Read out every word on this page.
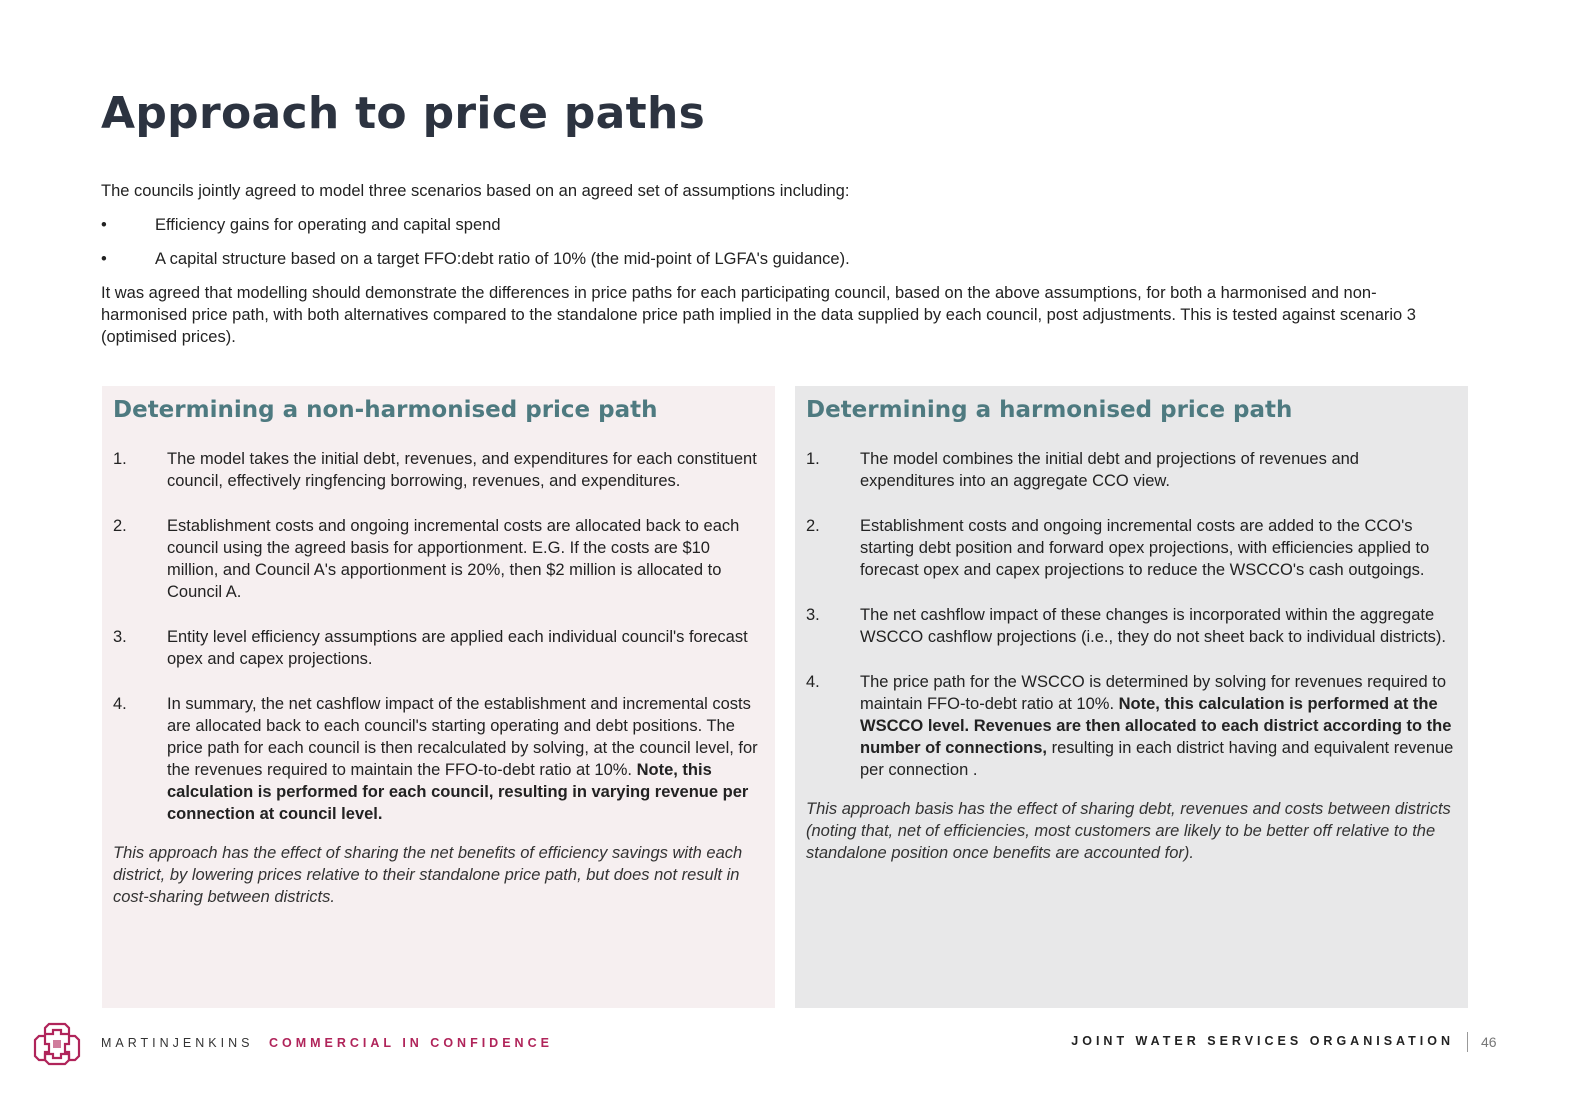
Approach to price paths

The councils jointly agreed to model three scenarios based on an agreed set of assumptions including:

•	Efficiency gains for operating and capital spend
•	A capital structure based on a target FFO:debt ratio of 10% (the mid-point of LGFA's guidance).

It was agreed that modelling should demonstrate the differences in price paths for each participating council, based on the above assumptions, for both a harmonised and non-harmonised price path, with both alternatives compared to the standalone price path implied in the data supplied by each council, post adjustments. This is tested against scenario 3 (optimised prices).

Determining a non-harmonised price path
1. The model takes the initial debt, revenues, and expenditures for each constituent council, effectively ringfencing borrowing, revenues, and expenditures.
2. Establishment costs and ongoing incremental costs are allocated back to each council using the agreed basis for apportionment. E.G. If the costs are $10 million, and Council A's apportionment is 20%, then $2 million is allocated to Council A.
3. Entity level efficiency assumptions are applied each individual council's forecast opex and capex projections.
4. In summary, the net cashflow impact of the establishment and incremental costs are allocated back to each council's starting operating and debt positions. The price path for each council is then recalculated by solving, at the council level, for the revenues required to maintain the FFO-to-debt ratio at 10%. Note, this calculation is performed for each council, resulting in varying revenue per connection at council level.

This approach has the effect of sharing the net benefits of efficiency savings with each district, by lowering prices relative to their standalone price path, but does not result in cost-sharing between districts.

Determining a harmonised price path
1. The model combines the initial debt and projections of revenues and expenditures into an aggregate CCO view.
2. Establishment costs and ongoing incremental costs are added to the CCO's starting debt position and forward opex projections, with efficiencies applied to forecast opex and capex projections to reduce the WSCCO's cash outgoings.
3. The net cashflow impact of these changes is incorporated within the aggregate WSCCO cashflow projections (i.e., they do not sheet back to individual districts).
4. The price path for the WSCCO is determined by solving for revenues required to maintain FFO-to-debt ratio at 10%. Note, this calculation is performed at the WSCCO level. Revenues are then allocated to each district according to the number of connections, resulting in each district having and equivalent revenue per connection .

This approach basis has the effect of sharing debt, revenues and costs between districts (noting that, net of efficiencies, most customers are likely to be better off relative to the standalone position once benefits are accounted for).

MARTINJENKINS COMMERCIAL IN CONFIDENCE	JOINT WATER SERVICES ORGANISATION 46
